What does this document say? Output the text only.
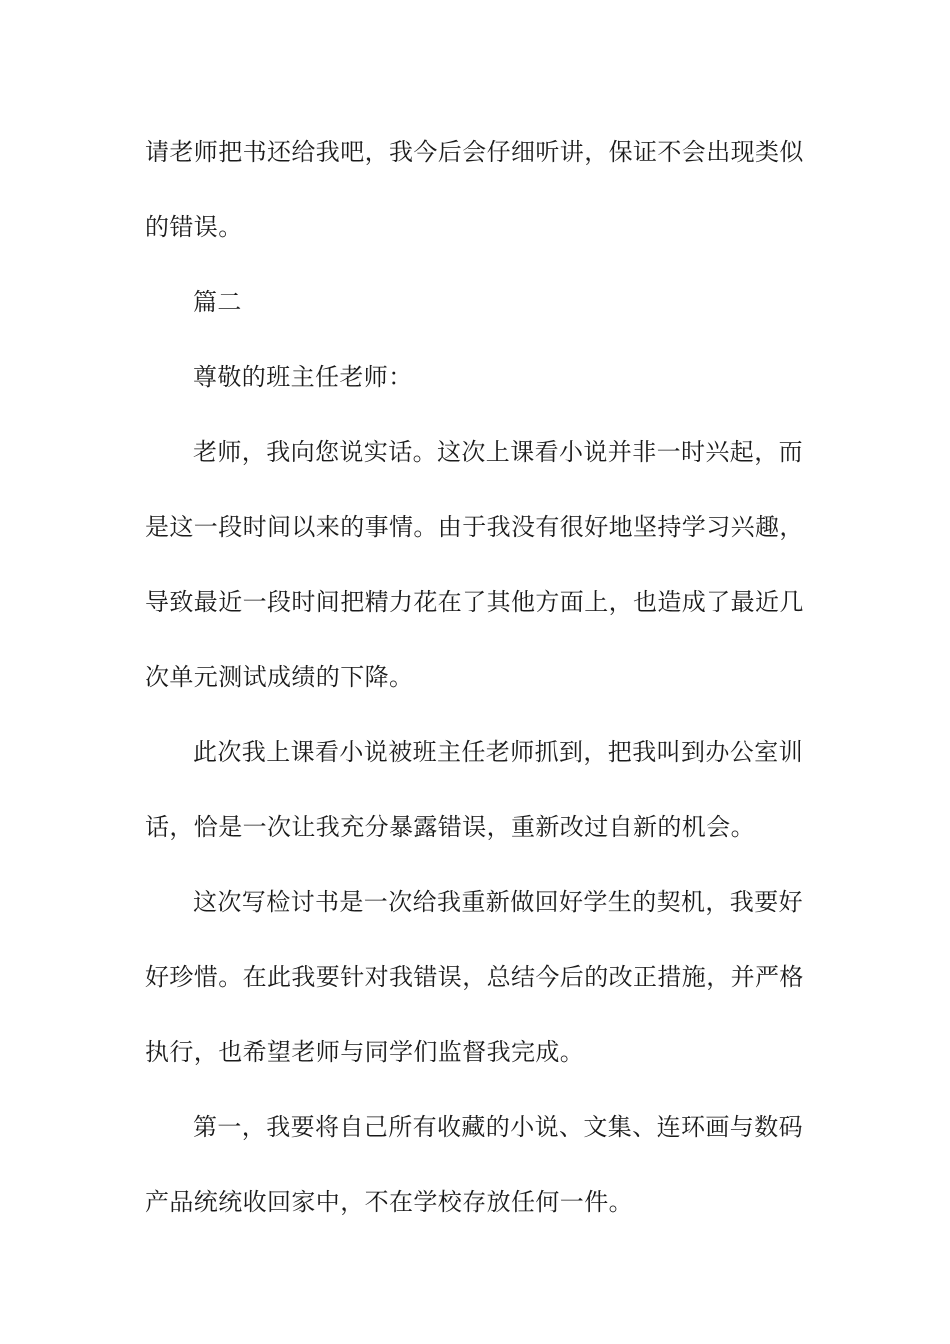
请老师把书还给我吧，我今后会仔细听讲，保证不会出现类似
的错误。
篇二
尊敬的班主任老师：
老师，我向您说实话。这次上课看小说并非一时兴起，而
是这一段时间以来的事情。由于我没有很好地坚持学习兴趣，
导致最近一段时间把精力花在了其他方面上，也造成了最近几
次单元测试成绩的下降。
此次我上课看小说被班主任老师抓到，把我叫到办公室训
话，恰是一次让我充分暴露错误，重新改过自新的机会。
这次写检讨书是一次给我重新做回好学生的契机，我要好
好珍惜。在此我要针对我错误，总结今后的改正措施，并严格
执行，也希望老师与同学们监督我完成。
第一，我要将自己所有收藏的小说、文集、连环画与数码
产品统统收回家中，不在学校存放任何一件。
